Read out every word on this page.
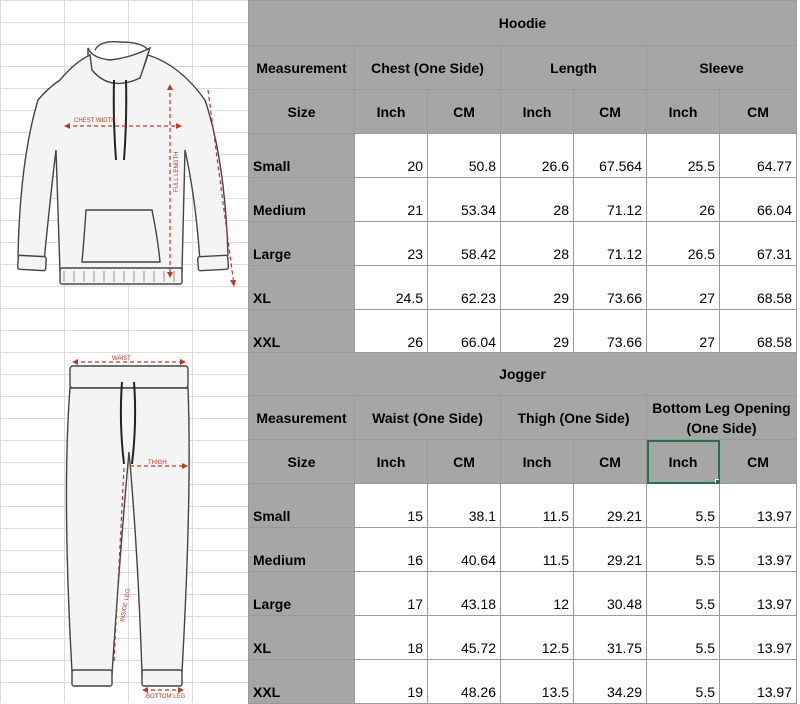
CHEST WIDTH
FULL LENGTH
WAIST
THIGH
INSIDE LEG
BOTTOM LEG
Hoodie						
Measurement	Chest (One Side)		Length		Sleeve	
Size	Inch	CM	Inch	CM	Inch	CM
Small	20	50.8	26.6	67.564	25.5	64.77
Medium	21	53.34	28	71.12	26	66.04
Large	23	58.42	28	71.12	26.5	67.31
XL	24.5	62.23	29	73.66	27	68.58
XXL	26	66.04	29	73.66	27	68.58
Jogger						
Measurement	Waist (One Side)		Thigh (One Side)		Bottom Leg Opening (One Side)	
Size	Inch	CM	Inch	CM	Inch	CM
Small	15	38.1	11.5	29.21	5.5	13.97
Medium	16	40.64	11.5	29.21	5.5	13.97
Large	17	43.18	12	30.48	5.5	13.97
XL	18	45.72	12.5	31.75	5.5	13.97
XXL	19	48.26	13.5	34.29	5.5	13.97
